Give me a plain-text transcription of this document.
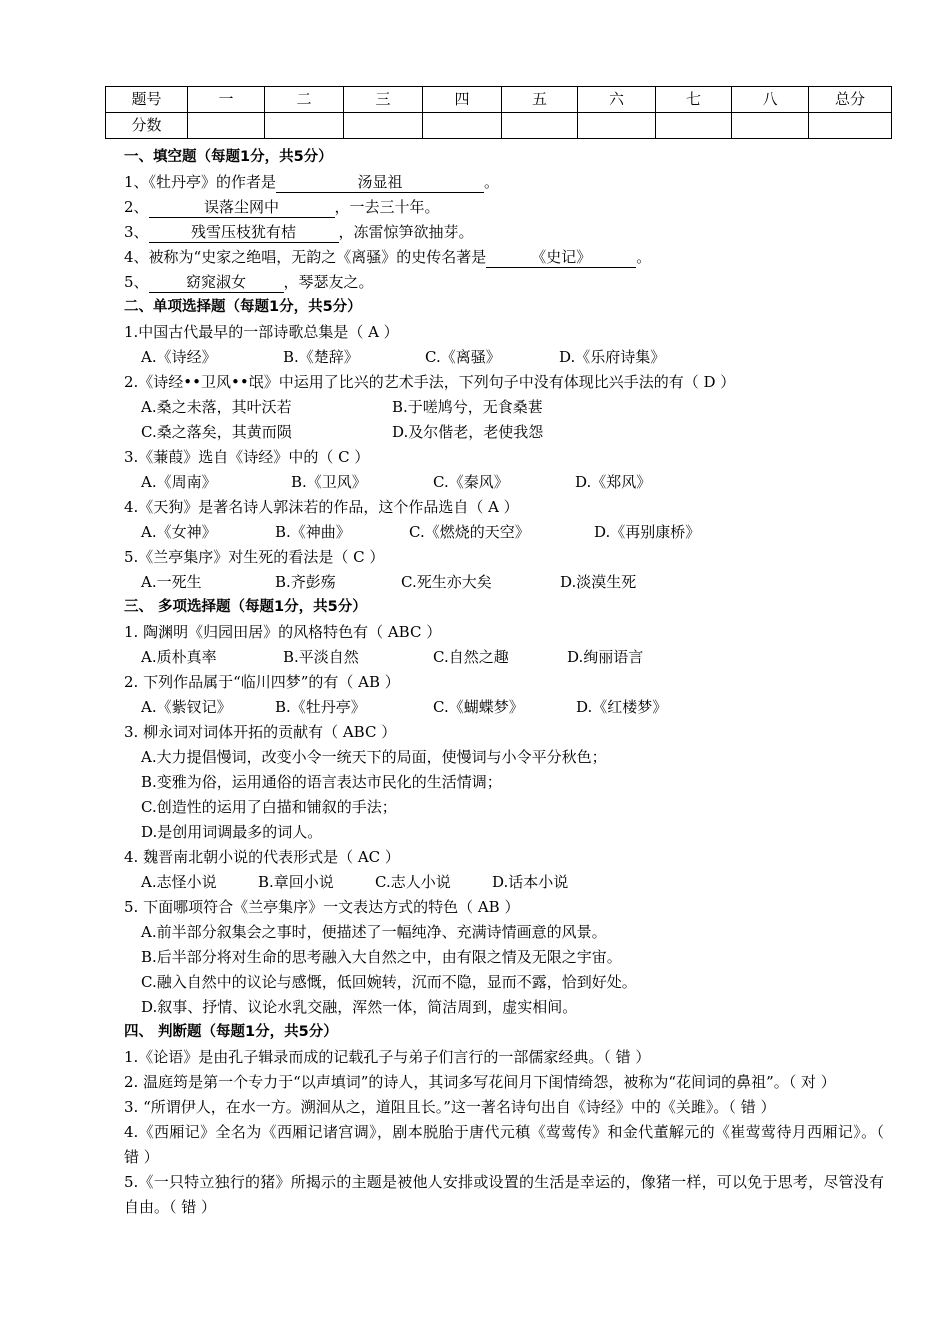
题号	一	二	三	四	五	六	七	八	总分
分数									
一、填空题（每题1分，共5分）
1、《牡丹亭》的作者是	汤显祖	。
2、	误落尘网中	，一去三十年。
3、	残雪压枝犹有桔	，冻雷惊笋欲抽芽。
4、被称为“史家之绝唱，无韵之《离骚》的史传名著是	《史记》	。
5、 窈窕淑女	，琴瑟友之。
二、单项选择题（每题1分，共5分）
1.中国古代最早的一部诗歌总集是（ A ）
A.《诗经》	B.《楚辞》	C.《离骚》	D.《乐府诗集》
2.《诗经••卫风••氓》中运用了比兴的艺术手法，下列句子中没有体现比兴手法的有（ D ）
A.桑之未落，其叶沃若	B.于嗟鸠兮，无食桑葚
C.桑之落矣，其黄而陨	D.及尔偕老，老使我怨
3.《蒹葭》选自《诗经》中的（ C ）
A.《周南》	B.《卫风》	C.《秦风》	D.《郑风》
4.《天狗》是著名诗人郭沫若的作品，这个作品选自（ A ）
A.《女神》	B.《神曲》	C.《燃烧的天空》	D.《再别康桥》
5.《兰亭集序》对生死的看法是（ C ）
A.一死生	B.齐彭殇	C.死生亦大矣	D.淡漠生死
三、 多项选择题（每题1分，共5分）
1. 陶渊明《归园田居》的风格特色有（ ABC ）
A.质朴真率	B.平淡自然	C.自然之趣	D.绚丽语言
2. 下列作品属于“临川四梦”的有（ AB ）
A.《紫钗记》	B.《牡丹亭》	C.《蝴蝶梦》	D.《红楼梦》
3. 柳永词对词体开拓的贡献有（ ABC ）
A.大力提倡慢词，改变小令一统天下的局面，使慢词与小令平分秋色；
B.变雅为俗，运用通俗的语言表达市民化的生活情调；
C.创造性的运用了白描和铺叙的手法；
D.是创用词调最多的词人。
4. 魏晋南北朝小说的代表形式是（ AC ）
A.志怪小说	B.章回小说	C.志人小说	D.话本小说
5. 下面哪项符合《兰亭集序》一文表达方式的特色（ AB ）
A.前半部分叙集会之事时，便描述了一幅纯净、充满诗情画意的风景。
B.后半部分将对生命的思考融入大自然之中，由有限之情及无限之宇宙。
C.融入自然中的议论与感慨，低回婉转，沉而不隐，显而不露，恰到好处。
D.叙事、抒情、议论水乳交融，浑然一体，简洁周到，虚实相间。
四、 判断题（每题1分，共5分）
1.《论语》是由孔子辑录而成的记载孔子与弟子们言行的一部儒家经典。（ 错 ）
2. 温庭筠是第一个专力于“以声填词”的诗人，其词多写花间月下闺情绮怨，被称为“花间词的鼻祖”。（ 对 ）
3. “所谓伊人，在水一方。溯洄从之，道阻且长。”这一著名诗句出自《诗经》中的《关雎》。（ 错 ）
4.《西厢记》全名为《西厢记诸宫调》，剧本脱胎于唐代元稹《莺莺传》和金代董解元的《崔莺莺待月西厢记》。（ 错 ）
5.《一只特立独行的猪》所揭示的主题是被他人安排或设置的生活是幸运的，像猪一样，可以免于思考，尽管没有自由。（ 错 ）
